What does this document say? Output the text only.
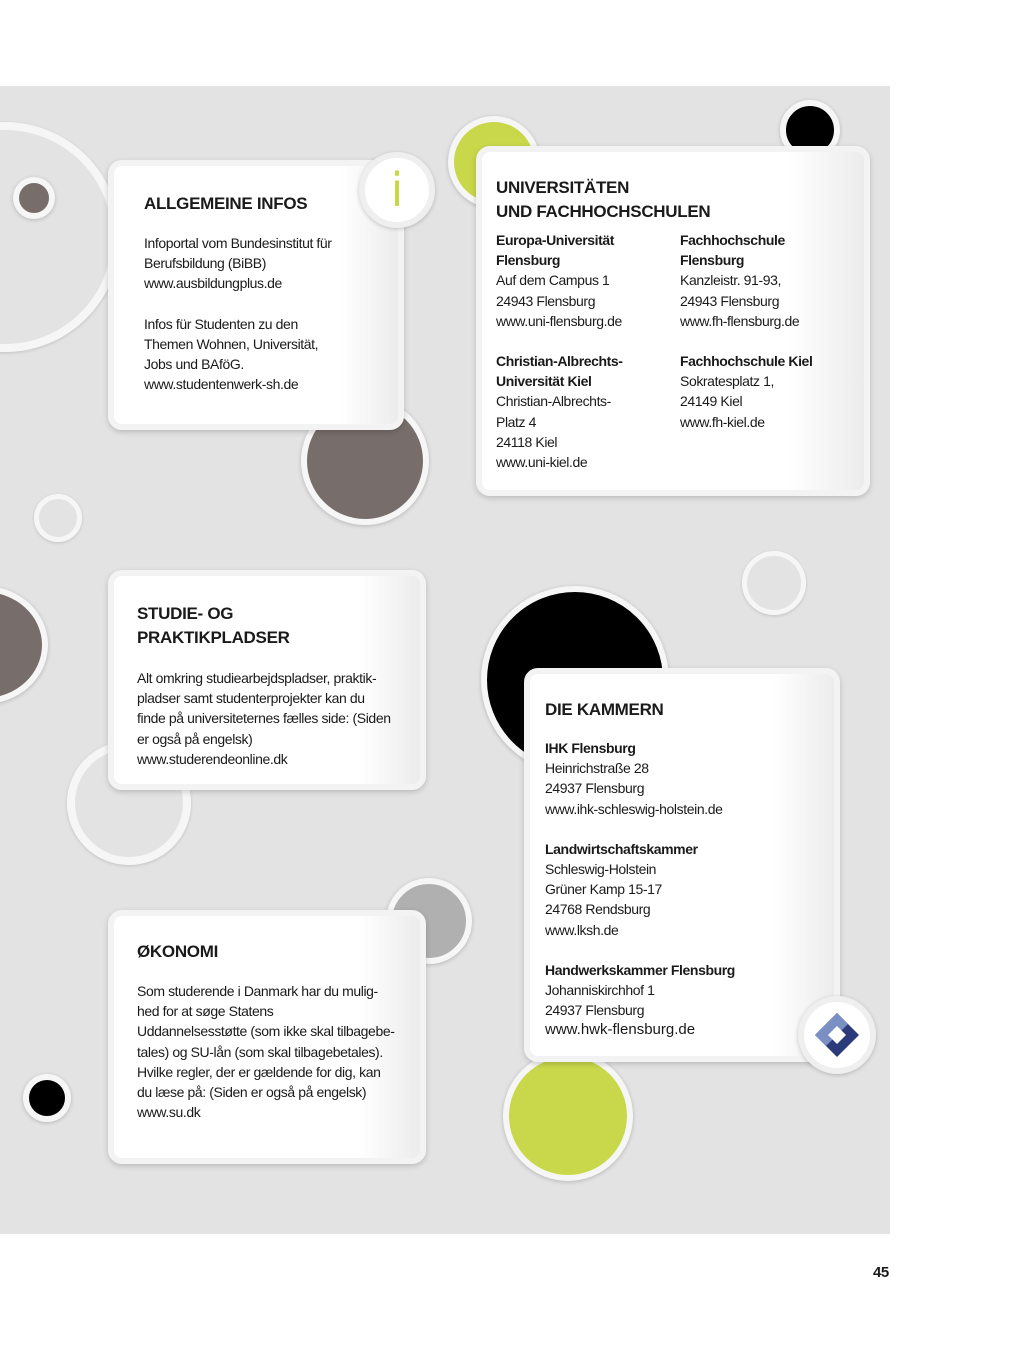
ALLGEMEINE INFOS

Infoportal vom Bundesinstitut für

Berufsbildung (BiBB)

www.ausbildungplus.de

Infos für Studenten zu den

Themen Wohnen, Universität,

Jobs und BAföG.

www.studentenwerk-sh.de

i	UNIVERSITÄTEN
UND FACHHOCHSCHULEN

Europa-Universität

Flensburg

Auf dem Campus 1

24943 Flensburg

www.uni-flensburg.de

Fachhochschule

Flensburg

Kanzleistr. 91-93,

24943 Flensburg

www.fh-flensburg.de

Christian-Albrechts-

Universität Kiel

Christian-Albrechts-

Platz 4

24118 Kiel

www.uni-kiel.de

Fachhochschule Kiel

Sokratesplatz 1,

24149 Kiel

www.fh-kiel.de

STUDIE- OG
PRAKTIKPLADSER

Alt omkring studiearbejdspladser, praktik-

pladser samt studenterprojekter kan du

finde på universiteternes fælles side: (Siden

er også på engelsk)

www.studerendeonline.dk

DIE KAMMERN

IHK Flensburg

Heinrichstraße 28

24937 Flensburg

www.ihk-schleswig-holstein.de

Landwirtschaftskammer

Schleswig-Holstein

Grüner Kamp 15-17

24768 Rendsburg

www.lksh.de

Handwerkskammer Flensburg

Johanniskirchhof 1

24937 Flensburg

www.hwk-flensburg.de

ØKONOMI

Som studerende i Danmark har du mulig-

hed for at søge Statens

Uddannelsesstøtte (som ikke skal tilbagebe-

tales) og SU-lån (som skal tilbagebetales).

Hvilke regler, der er gældende for dig, kan

du læse på: (Siden er også på engelsk)

www.su.dk

45
